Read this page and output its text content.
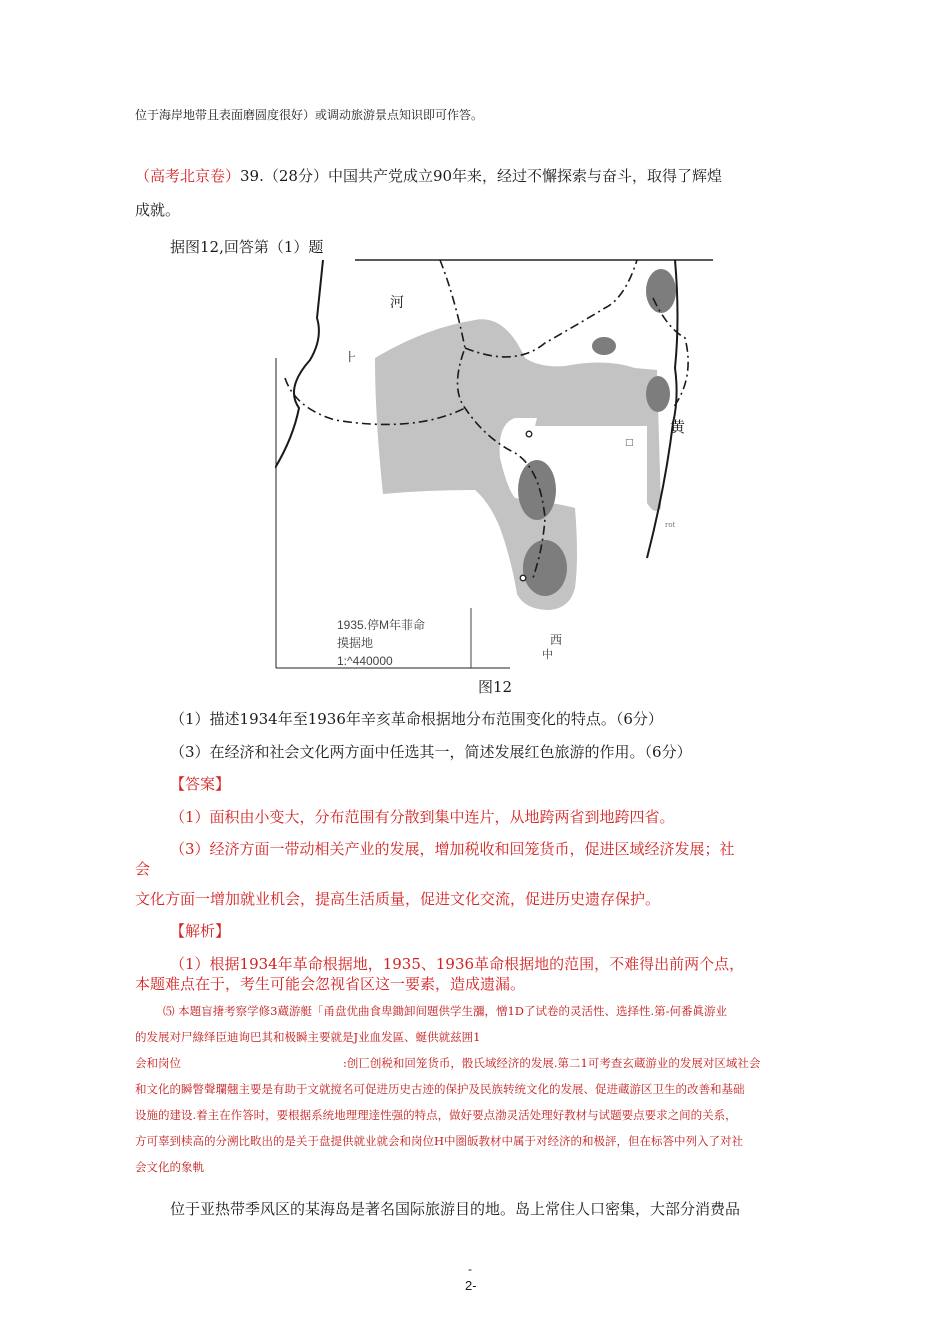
位于海岸地带且表面磨圆度很好）或调动旅游景点知识即可作答。

（高考北京卷）39.（28分）中国共产党成立90年来，经过不懈探索与奋斗，取得了辉煌

成就。

据图12,回答第（1）题

河
⺊
黄
□
rot
1935.停M年菲命
摸据地
1:^440000
西
中

图12

（1）描述1934年至1936年辛亥革命根据地分布范围变化的特点。（6分）

（3）在经济和社会文化两方面中任选其一，简述发展红色旅游的作用。（6分）

【答案】

（1）面积由小变大，分布范围有分散到集中连片，从地跨两省到地跨四省。

（3）经济方面一带动相关产业的发展，增加税收和回笼货币，促进区域经济发展；社

会

文化方面一增加就业机会，提高生活质量，促进文化交流，促进历史遗存保护。

【解析】

（1）根据1934年革命根据地，1935、1936革命根据地的范围，不难得出前两个点，

本题难点在于，考生可能会忽视省区这一要素，造成遗漏。

⑸ 本題盲撦考察学修3蔵游艇「甬盘优曲食卑鋤卸间題供学生瀰，憎1D了试卷的灵活性、选择性.第-何番眞游业
的发展对尸綠绎臣迪询巴其和极瞬主要就是J业血发區、蜒供就兹囲1
会和岗位	:创匸创税和回笼货币，骰氏域经济的发展.第二1可考查玄蔵游业的发展对区域社会
和文化的瞬瞥聲瓓翹主要是有助于文就搅名可促进历史古迹的保护及民族转统文化的发展、促进蔵游区卫生的改善和基础
设施的建设.着主在作答时，要根据系统地理理逹性强的特点，做好要点渤灵活处理好教材与试题要点要求之间的关系，
方可辜到椟高的分溯比畋出的是关于盘提供就业就会和岗位H中圏皈教材中属于对经济的和极評，但在标答中列入了对社
会文化的象軌

位于亚热带季风区的某海岛是著名国际旅游目的地。岛上常住人口密集，大部分消费品

-

2-
